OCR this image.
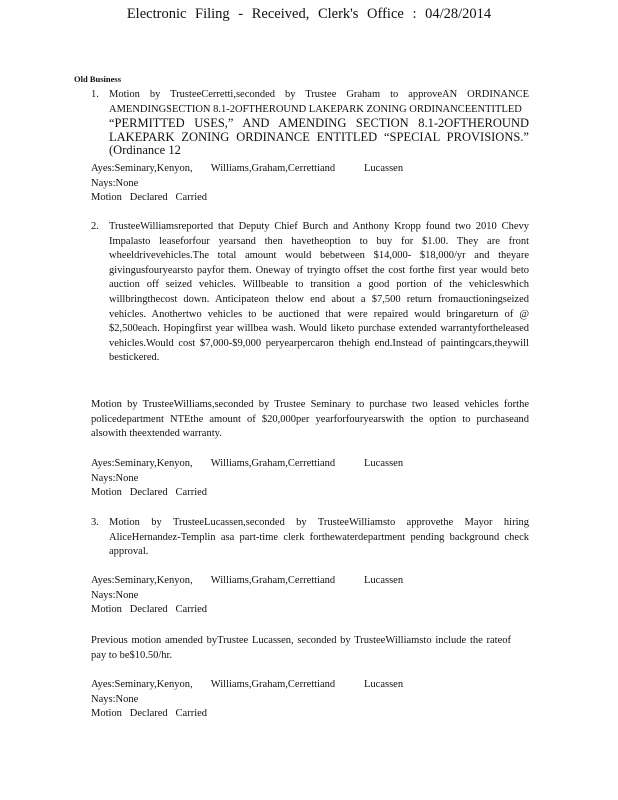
Electronic Filing - Received, Clerk's Office : 04/28/2014
Old Business
1. Motion by TrusteeCerretti,seconded by Trustee Graham to approveAN ORDINANCE AMENDINGSECTION 8.1-2OFTHEROUND LAKEPARK ZONING ORDINANCEENTITLED
“PERMITTED USES,” AND AMENDING SECTION 8.1-2OFTHEROUND LAKEPARK ZONING ORDINANCE ENTITLED “SPECIAL PROVISIONS.” (Ordinance 12
Ayes:Seminary,Kenyon,       Williams,Graham,Cerrettiand           Lucassen
Nays:None
Motion   Declared   Carried
2. TrusteeWilliamsreported that Deputy Chief Burch and Anthony Kropp found two 2010 Chevy Impalasto leaseforfour yearsand then havetheoption to buy for $1.00. They are front wheeldrivevehicles.The total amount would bebetween $14,000- $18,000/yr and theyare givingusfouryearsto payfor them. Oneway of tryingto offset the cost forthe first year would beto auction off seized vehicles. Willbeable to transition a good portion of the vehicleswhich willbringthecost down. Anticipateon thelow end about a $7,500 return fromauctioningseized vehicles. Anothertwo vehicles to be auctioned that were repaired would bringareturn of @ $2,500each. Hopingfirst year willbea wash. Would liketo purchase extended warrantyfortheleased vehicles.Would cost $7,000-$9,000 peryearpercaron thehigh end.Instead of paintingcars,theywill bestickered.
Motion by TrusteeWilliams,seconded by Trustee Seminary to purchase two leased vehicles forthe policedepartment NTEthe amount of $20,000per yearforfouryearswith the option to purchaseand alsowith theextended warranty.
Ayes:Seminary,Kenyon,       Williams,Graham,Cerrettiand           Lucassen
Nays:None
Motion   Declared   Carried
3. Motion by TrusteeLucassen,seconded by TrusteeWilliamsto approvethe Mayor hiring AliceHernandez-Templin asa part-time clerk forthewaterdepartment pending background check approval.
Ayes:Seminary,Kenyon,       Williams,Graham,Cerrettiand           Lucassen
Nays:None
Motion   Declared   Carried
Previous motion amended byTrustee Lucassen, seconded by TrusteeWilliamsto include the rateof pay to be$10.50/hr.
Ayes:Seminary,Kenyon,       Williams,Graham,Cerrettiand           Lucassen
Nays:None
Motion   Declared   Carried
